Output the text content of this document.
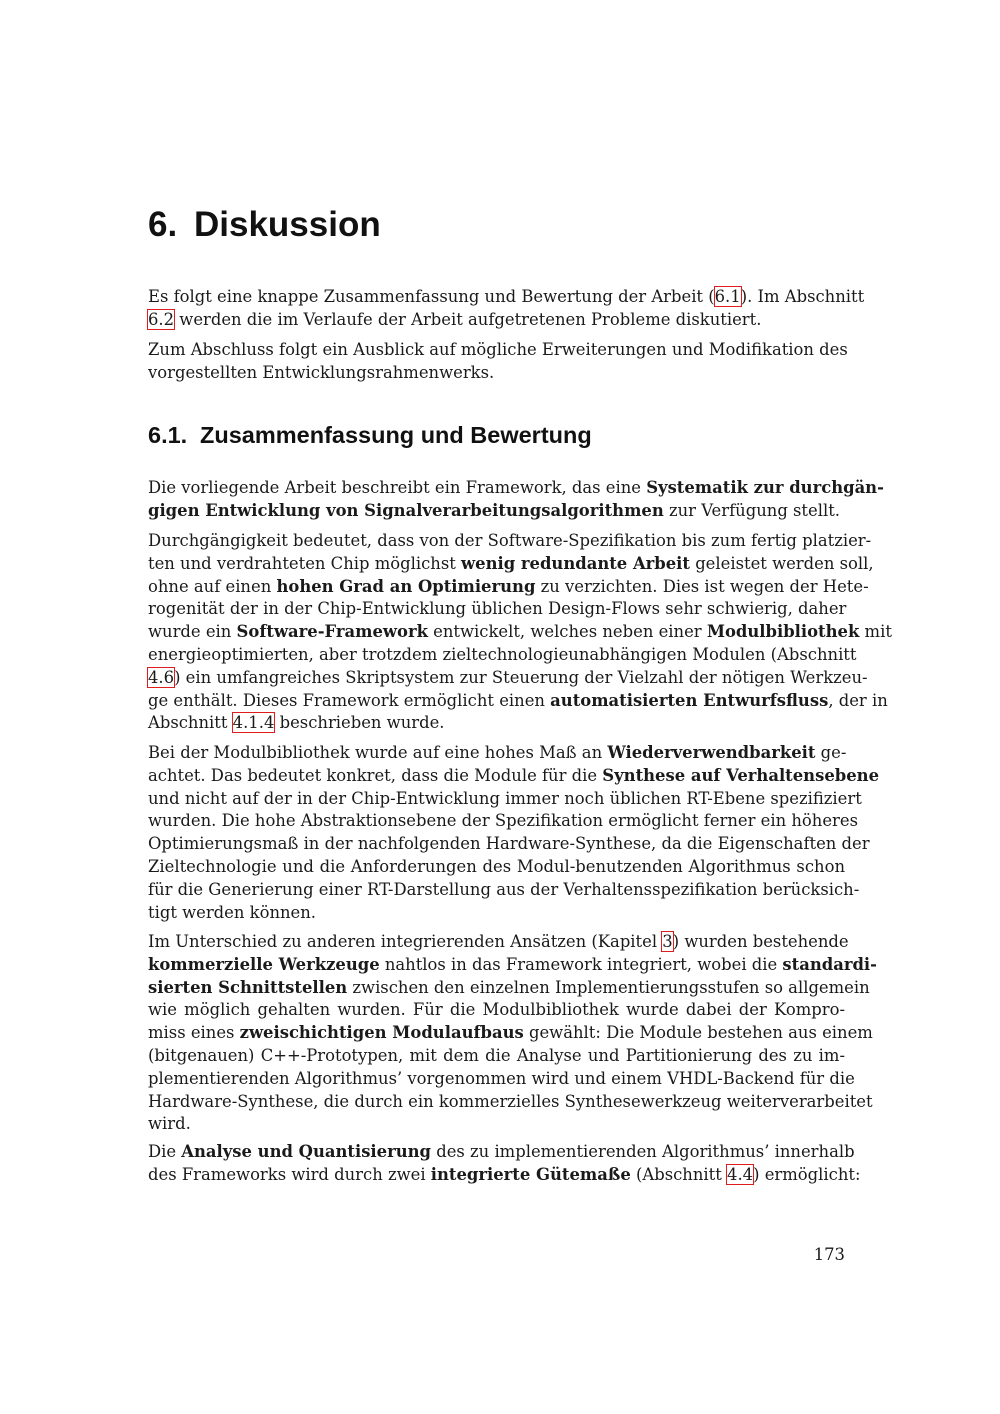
6. Diskussion

Es folgt eine knappe Zusammenfassung und Bewertung der Arbeit (6.1). Im Abschnitt
6.2 werden die im Verlaufe der Arbeit aufgetretenen Probleme diskutiert.

Zum Abschluss folgt ein Ausblick auf mögliche Erweiterungen und Modifikation des
vorgestellten Entwicklungsrahmenwerks.

6.1. Zusammenfassung und Bewertung

Die vorliegende Arbeit beschreibt ein Framework, das eine Systematik zur durchgän-
gigen Entwicklung von Signalverarbeitungsalgorithmen zur Verfügung stellt.

Durchgängigkeit bedeutet, dass von der Software-Spezifikation bis zum fertig platzier-
ten und verdrahteten Chip möglichst wenig redundante Arbeit geleistet werden soll,
ohne auf einen hohen Grad an Optimierung zu verzichten. Dies ist wegen der Hete-
rogenität der in der Chip-Entwicklung üblichen Design-Flows sehr schwierig, daher
wurde ein Software-Framework entwickelt, welches neben einer Modulbibliothek mit
energieoptimierten, aber trotzdem zieltechnologieunabhängigen Modulen (Abschnitt
4.6) ein umfangreiches Skriptsystem zur Steuerung der Vielzahl der nötigen Werkzeu-
ge enthält. Dieses Framework ermöglicht einen automatisierten Entwurfsfluss, der in
Abschnitt 4.1.4 beschrieben wurde.

Bei der Modulbibliothek wurde auf eine hohes Maß an Wiederverwendbarkeit ge-
achtet. Das bedeutet konkret, dass die Module für die Synthese auf Verhaltensebene
und nicht auf der in der Chip-Entwicklung immer noch üblichen RT-Ebene spezifiziert
wurden. Die hohe Abstraktionsebene der Spezifikation ermöglicht ferner ein höheres
Optimierungsmaß in der nachfolgenden Hardware-Synthese, da die Eigenschaften der
Zieltechnologie und die Anforderungen des Modul-benutzenden Algorithmus schon
für die Generierung einer RT-Darstellung aus der Verhaltensspezifikation berücksich-
tigt werden können.

Im Unterschied zu anderen integrierenden Ansätzen (Kapitel 3) wurden bestehende
kommerzielle Werkzeuge nahtlos in das Framework integriert, wobei die standardi-
sierten Schnittstellen zwischen den einzelnen Implementierungsstufen so allgemein
wie möglich gehalten wurden. Für die Modulbibliothek wurde dabei der Kompro-
miss eines zweischichtigen Modulaufbaus gewählt: Die Module bestehen aus einem
(bitgenauen) C++-Prototypen, mit dem die Analyse und Partitionierung des zu im-
plementierenden Algorithmus’ vorgenommen wird und einem VHDL-Backend für die
Hardware-Synthese, die durch ein kommerzielles Synthesewerkzeug weiterverarbeitet
wird.

Die Analyse und Quantisierung des zu implementierenden Algorithmus’ innerhalb
des Frameworks wird durch zwei integrierte Gütemaße (Abschnitt 4.4) ermöglicht:

173
